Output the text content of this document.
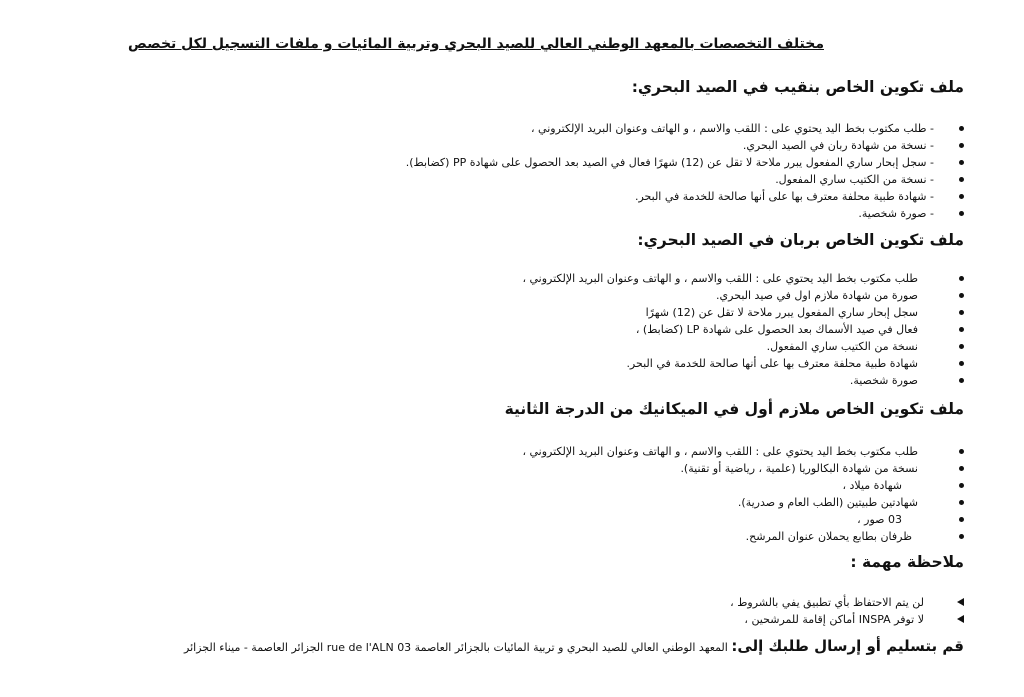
مختلف التخصصات بالمعهد الوطني العالي للصيد البحري وتربية المائيات و ملفات التسجيل لكل تخصص
ملف تكوين الخاص بنقيب في الصيد البحري:
- طلب مكتوب بخط اليد يحتوي على : اللقب والاسم ، و الهاتف وعنوان البريد الإلكتروني ،
- نسخة من شهادة ربان في الصيد البحري.
- سجل إبحار ساري المفعول يبرر ملاحة لا تقل عن (12) شهرًا فعال في الصيد بعد الحصول على شهادة PP (كضابط).
- نسخة من الكتيب ساري المفعول.
- شهادة طبية محلفة معترف بها على أنها صالحة للخدمة في البحر.
- صورة شخصية.
ملف تكوين الخاص بربان في الصيد البحري:
طلب مكتوب بخط اليد يحتوي على : اللقب والاسم ، و الهاتف وعنوان البريد الإلكتروني ،
صورة من شهادة ملازم اول في صيد البحري.
سجل إبحار ساري المفعول يبرر ملاحة لا تقل عن (12) شهرًا
فعال في صيد الأسماك بعد الحصول على شهادة LP (كضابط) ،
نسخة من الكتيب ساري المفعول.
شهادة طبية محلفة معترف بها على أنها صالحة للخدمة في البحر.
صورة شخصية.
ملف تكوين الخاص ملازم أول في الميكانيك من الدرجة الثانية
طلب مكتوب بخط اليد يحتوي على : اللقب والاسم ، و الهاتف وعنوان البريد الإلكتروني ،
نسخة من شهادة البكالوريا (علمية ، رياضية أو تقنية).
شهادة ميلاد ،
شهادتين طبيتين (الطب العام و صدرية).
03 صور ،
ظرفان بطابع يحملان عنوان المرشح.
ملاحظة مهمة :
لن يتم الاحتفاظ بأي تطبيق يفي بالشروط ،
لا توفر INSPA أماكن إقامة للمرشحين ،
قم بتسليم أو إرسال طلبك إلى: المعهد الوطني العالي للصيد البحري و تربية المائيات بالجزائر العاصمة 03 rue de l'ALN الجزائر العاصمة - ميناء الجزائر
